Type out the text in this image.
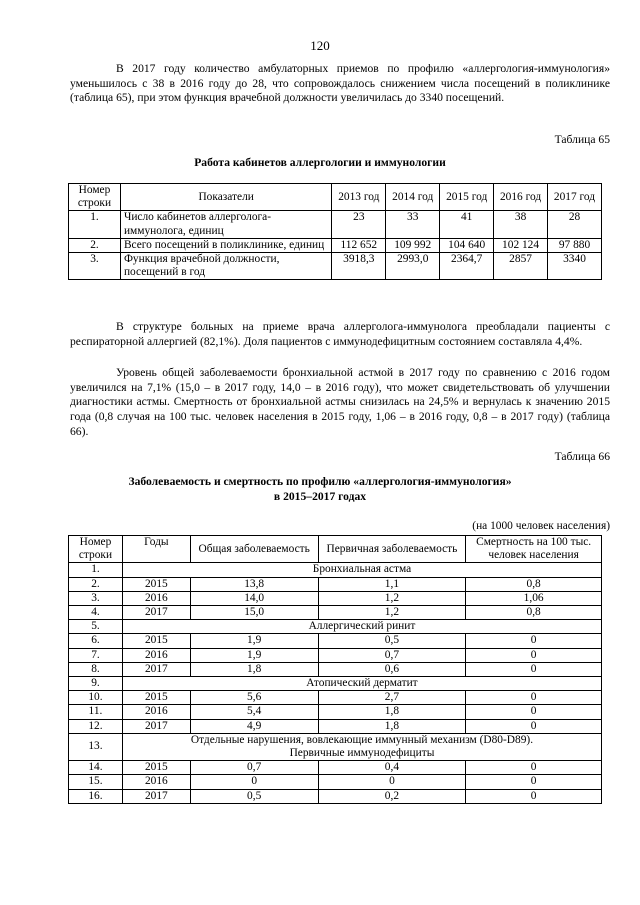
120

В 2017 году количество амбулаторных приемов по профилю «аллергология-иммунология» уменьшилось с 38 в 2016 году до 28, что сопровождалось снижением числа посещений в поликлинике (таблица 65), при этом функция врачебной должности увеличилась до 3340 посещений.

Таблица 65
Работа кабинетов аллергологии и иммунологии
Номер строки	Показатели	2013 год	2014 год	2015 год	2016 год	2017 год
1.	Число кабинетов аллерголога-иммунолога, единиц	23	33	41	38	28
2.	Всего посещений в поликлинике, единиц	112 652	109 992	104 640	102 124	97 880
3.	Функция врачебной должности, посещений в год	3918,3	2993,0	2364,7	2857	3340

В структуре больных на приеме врача аллерголога-иммунолога преобладали пациенты с респираторной аллергией (82,1%). Доля пациентов с иммунодефицитным состоянием составляла 4,4%.

Уровень общей заболеваемости бронхиальной астмой в 2017 году по сравнению с 2016 годом увеличился на 7,1% (15,0 – в 2017 году, 14,0 – в 2016 году), что может свидетельствовать об улучшении диагностики астмы. Смертность от бронхиальной астмы снизилась на 24,5% и вернулась к значению 2015 года (0,8 случая на 100 тыс. человек населения в 2015 году, 1,06 – в 2016 году, 0,8 – в 2017 году) (таблица 66).

Таблица 66
Заболеваемость и смертность по профилю «аллергология-иммунология»
в 2015–2017 годах
(на 1000 человек населения)
Номер строки	Годы	Общая заболеваемость	Первичная заболеваемость	Смертность на 100 тыс. человек населения
1.	Бронхиальная астма			

2.	2015	13,8	1,1	0,8
3.	2016	14,0	1,2	1,06
4.	2017	15,0	1,2	0,8
5.	Аллергический ринит			

6.	2015	1,9	0,5	0
7.	2016	1,9	0,7	0
8.	2017	1,8	0,6	0
9.	Атопический дерматит			

10.	2015	5,6	2,7	0
11.	2016	5,4	1,8	0
12.	2017	4,9	1,8	0
13.	Отдельные нарушения, вовлекающие иммунный механизм (D80-D89).
Первичные иммунодефициты			

14.	2015	0,7	0,4	0
15.	2016	0	0	0
16.	2017	0,5	0,2	0
